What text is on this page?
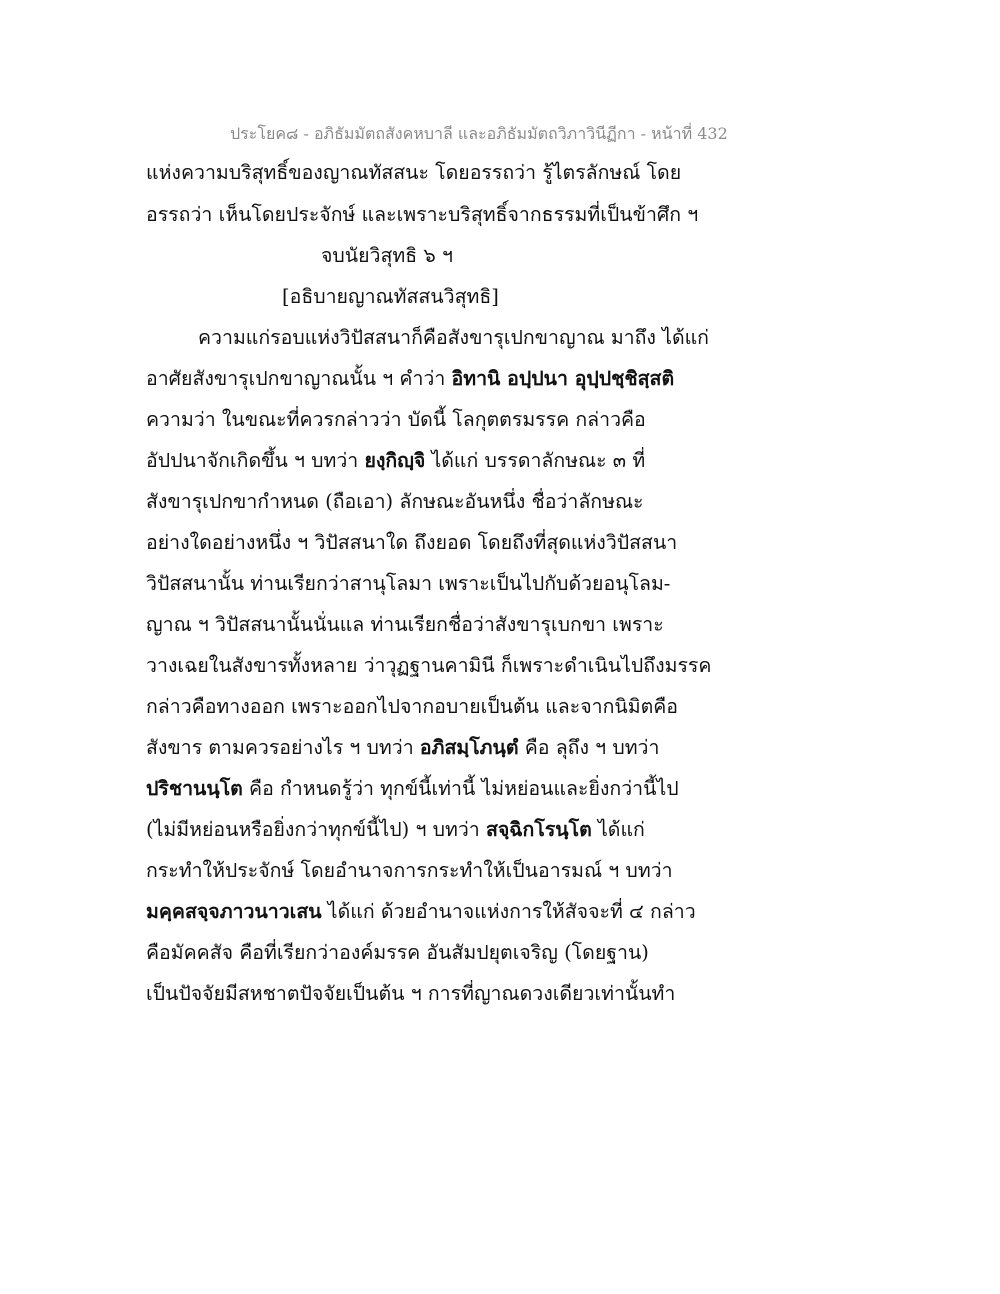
ประโยค๘ - อภิธัมมัตถสังคหบาลี และอภิธัมมัตถวิภาวินีฏีกา - หน้าที่ 432
แห่งความบริสุทธิ์ของญาณทัสสนะ โดยอรรถว่า รู้ไตรลักษณ์ โดย
อรรถว่า เห็นโดยประจักษ์ และเพราะบริสุทธิ์จากธรรมที่เป็นข้าศึก ฯ
จบนัยวิสุทธิ ๖ ฯ
[อธิบายญาณทัสสนวิสุทธิ]
ความแก่รอบแห่งวิปัสสนาก็คือสังขารุเปกขาญาณ มาถึง ได้แก่
อาศัยสังขารุเปกขาญาณนั้น ฯ คำว่า อิทานิ อปฺปนา อุปฺปชฺชิสฺสติ
ความว่า ในขณะที่ควรกล่าวว่า บัดนี้ โลกุตตรมรรค กล่าวคือ
อัปปนาจักเกิดขึ้น ฯ บทว่า ยงฺกิญฺจิ ได้แก่ บรรดาลักษณะ ๓ ที่
สังขารุเปกขากำหนด (ถือเอา) ลักษณะอันหนึ่ง ชื่อว่าลักษณะ
อย่างใดอย่างหนึ่ง ฯ วิปัสสนาใด ถึงยอด โดยถึงที่สุดแห่งวิปัสสนา
วิปัสสนานั้น ท่านเรียกว่าสานุโลมา เพราะเป็นไปกับด้วยอนุโลม-
ญาณ ฯ วิปัสสนานั้นนั่นแล ท่านเรียกชื่อว่าสังขารุเบกขา เพราะ
วางเฉยในสังขารทั้งหลาย ว่าวุฏฐานคามินี ก็เพราะดำเนินไปถึงมรรค
กล่าวคือทางออก เพราะออกไปจากอบายเป็นต้น และจากนิมิตคือ
สังขาร ตามควรอย่างไร ฯ บทว่า อภิสมฺโภนฺตํ คือ ลุถึง ฯ บทว่า
ปริชานนฺโต คือ กำหนดรู้ว่า ทุกข์นี้เท่านี้ ไม่หย่อนและยิ่งกว่านี้ไป
(ไม่มีหย่อนหรือยิ่งกว่าทุกข์นี้ไป) ฯ บทว่า สจฺฉิกโรนฺโต ได้แก่
กระทำให้ประจักษ์ โดยอำนาจการกระทำให้เป็นอารมณ์ ฯ บทว่า
มคฺคสจฺจภาวนาวเสน ได้แก่ ด้วยอำนาจแห่งการให้สัจจะที่ ๔ กล่าว
คือมัคคสัจ คือที่เรียกว่าองค์มรรค อันสัมปยุตเจริญ (โดยฐาน)
เป็นปัจจัยมีสหชาตปัจจัยเป็นต้น ฯ การที่ญาณดวงเดียวเท่านั้นทำ
